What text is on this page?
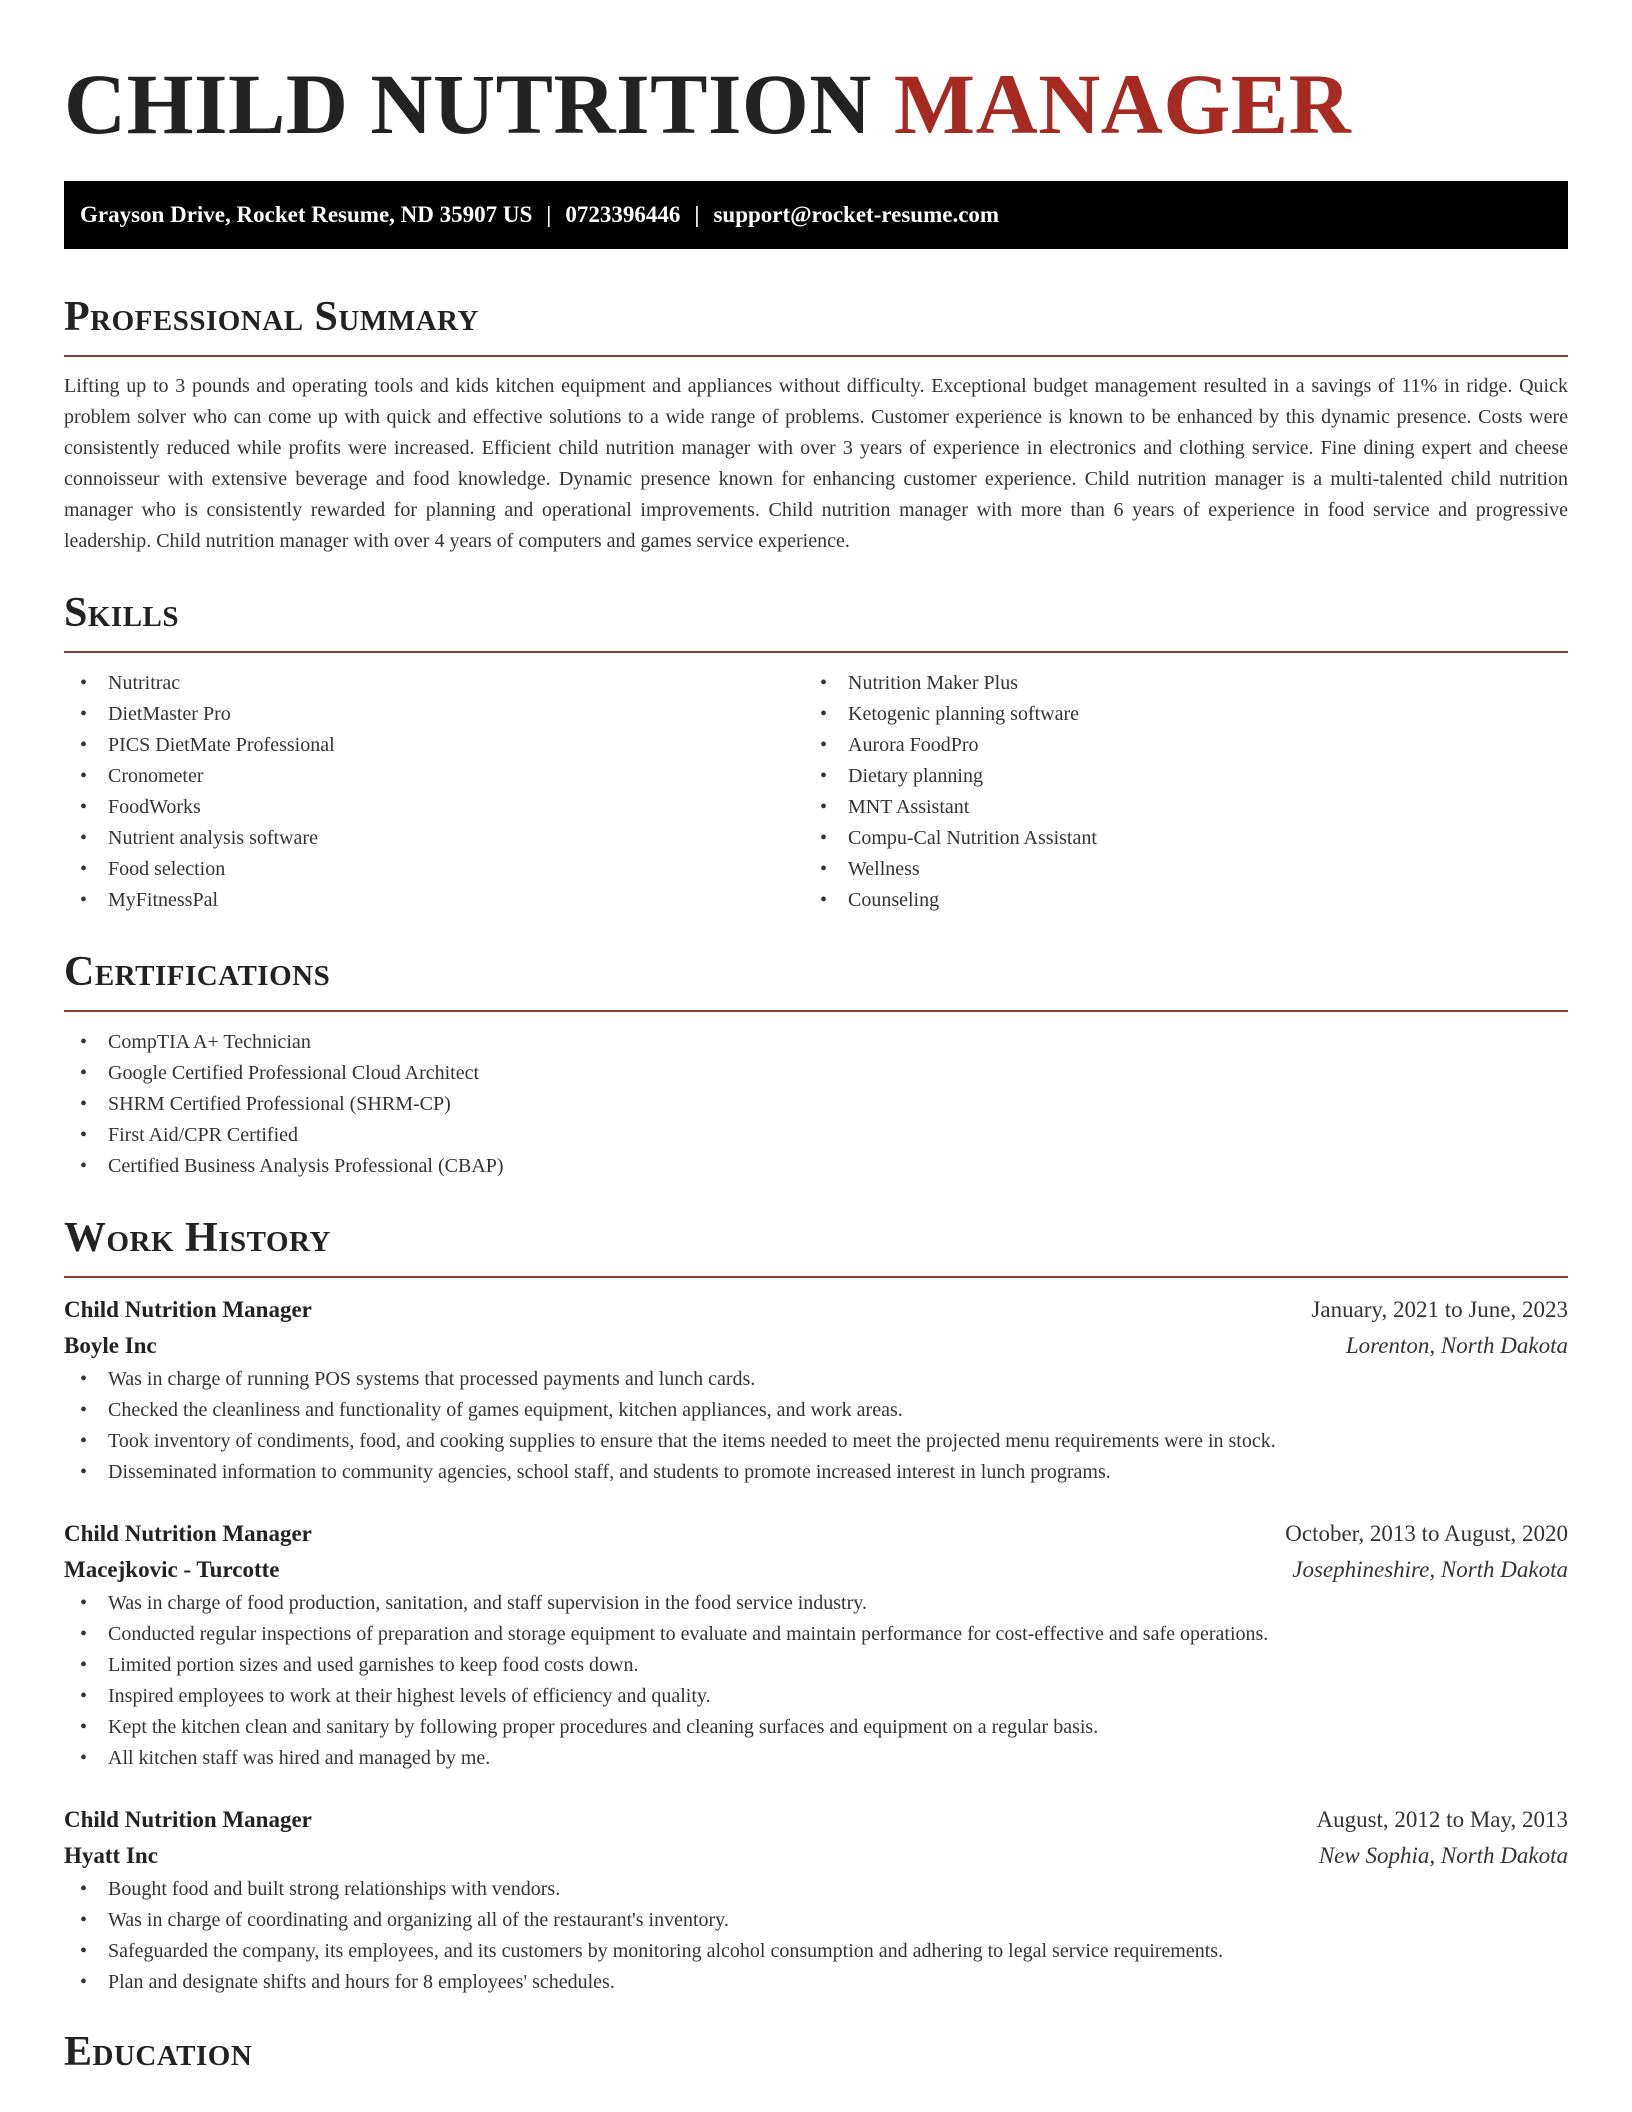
CHILD NUTRITION MANAGER
Grayson Drive, Rocket Resume, ND 35907 US | 0723396446 | support@rocket-resume.com
Professional Summary

Lifting up to 3 pounds and operating tools and kids kitchen equipment and appliances without difficulty. Exceptional budget management resulted in a savings of 11% in ridge. Quick problem solver who can come up with quick and effective solutions to a wide range of problems. Customer experience is known to be enhanced by this dynamic presence. Costs were consistently reduced while profits were increased. Efficient child nutrition manager with over 3 years of experience in electronics and clothing service. Fine dining expert and cheese connoisseur with extensive beverage and food knowledge. Dynamic presence known for enhancing customer experience. Child nutrition manager is a multi-talented child nutrition manager who is consistently rewarded for planning and operational improvements. Child nutrition manager with more than 6 years of experience in food service and progressive leadership. Child nutrition manager with over 4 years of computers and games service experience.

Skills
• Nutritrac
• DietMaster Pro
• PICS DietMate Professional
• Cronometer
• FoodWorks
• Nutrient analysis software
• Food selection
• MyFitnessPal
• Nutrition Maker Plus
• Ketogenic planning software
• Aurora FoodPro
• Dietary planning
• MNT Assistant
• Compu-Cal Nutrition Assistant
• Wellness
• Counseling
Certifications
• CompTIA A+ Technician
• Google Certified Professional Cloud Architect
• SHRM Certified Professional (SHRM-CP)
• First Aid/CPR Certified
• Certified Business Analysis Professional (CBAP)
Work History
Child Nutrition Manager	January, 2021 to June, 2023
Boyle Inc	Lorenton, North Dakota
• Was in charge of running POS systems that processed payments and lunch cards.
• Checked the cleanliness and functionality of games equipment, kitchen appliances, and work areas.
• Took inventory of condiments, food, and cooking supplies to ensure that the items needed to meet the projected menu requirements were in stock.
• Disseminated information to community agencies, school staff, and students to promote increased interest in lunch programs.
Child Nutrition Manager	October, 2013 to August, 2020
Macejkovic - Turcotte	Josephineshire, North Dakota
• Was in charge of food production, sanitation, and staff supervision in the food service industry.
• Conducted regular inspections of preparation and storage equipment to evaluate and maintain performance for cost-effective and safe operations.
• Limited portion sizes and used garnishes to keep food costs down.
• Inspired employees to work at their highest levels of efficiency and quality.
• Kept the kitchen clean and sanitary by following proper procedures and cleaning surfaces and equipment on a regular basis.
• All kitchen staff was hired and managed by me.
Child Nutrition Manager	August, 2012 to May, 2013
Hyatt Inc	New Sophia, North Dakota
• Bought food and built strong relationships with vendors.
• Was in charge of coordinating and organizing all of the restaurant's inventory.
• Safeguarded the company, its employees, and its customers by monitoring alcohol consumption and adhering to legal service requirements.
• Plan and designate shifts and hours for 8 employees' schedules.
Education
